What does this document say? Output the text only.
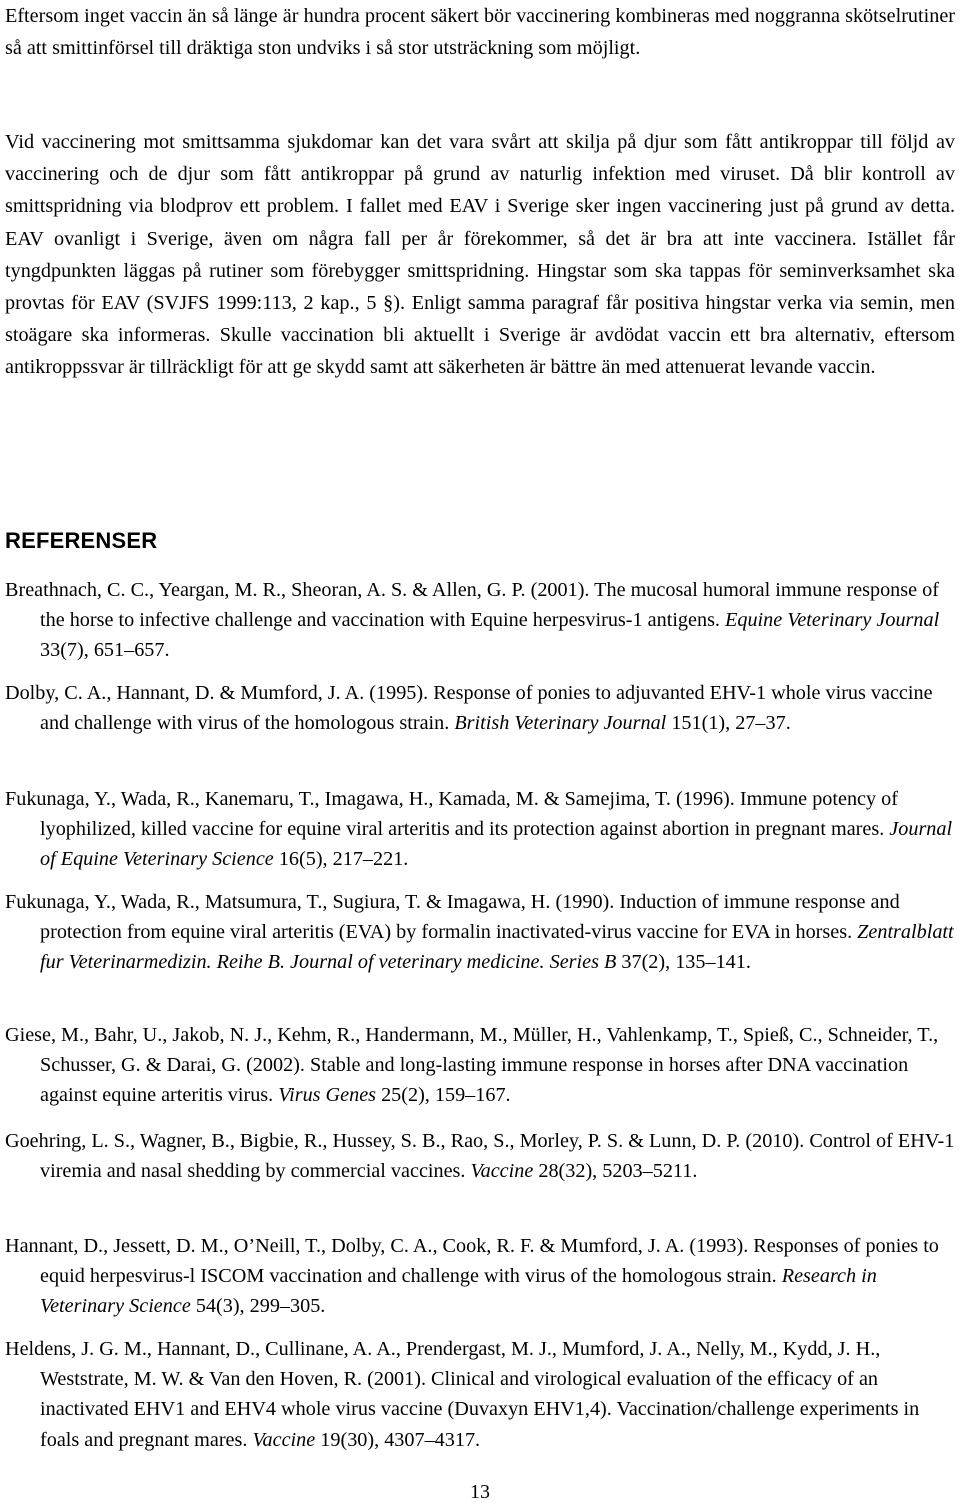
Eftersom inget vaccin än så länge är hundra procent säkert bör vaccinering kombineras med noggranna skötselrutiner så att smittinförsel till dräktiga ston undviks i så stor utsträckning som möjligt.

Vid vaccinering mot smittsamma sjukdomar kan det vara svårt att skilja på djur som fått antikroppar till följd av vaccinering och de djur som fått antikroppar på grund av naturlig infektion med viruset. Då blir kontroll av smittspridning via blodprov ett problem. I fallet med EAV i Sverige sker ingen vaccinering just på grund av detta. EAV ovanligt i Sverige, även om några fall per år förekommer, så det är bra att inte vaccinera. Istället får tyngdpunkten läggas på rutiner som förebygger smittspridning. Hingstar som ska tappas för seminverksamhet ska provtas för EAV (SVJFS 1999:113, 2 kap., 5 §). Enligt samma paragraf får positiva hingstar verka via semin, men stoägare ska informeras. Skulle vaccination bli aktuellt i Sverige är avdödat vaccin ett bra alternativ, eftersom antikroppssvar är tillräckligt för att ge skydd samt att säkerheten är bättre än med attenuerat levande vaccin.

REFERENSER

Breathnach, C. C., Yeargan, M. R., Sheoran, A. S. & Allen, G. P. (2001). The mucosal humoral immune response of the horse to infective challenge and vaccination with Equine herpesvirus-1 antigens. Equine Veterinary Journal 33(7), 651–657.

Dolby, C. A., Hannant, D. & Mumford, J. A. (1995). Response of ponies to adjuvanted EHV-1 whole virus vaccine and challenge with virus of the homologous strain. British Veterinary Journal 151(1), 27–37.

Fukunaga, Y., Wada, R., Kanemaru, T., Imagawa, H., Kamada, M. & Samejima, T. (1996). Immune potency of lyophilized, killed vaccine for equine viral arteritis and its protection against abortion in pregnant mares. Journal of Equine Veterinary Science 16(5), 217–221.

Fukunaga, Y., Wada, R., Matsumura, T., Sugiura, T. & Imagawa, H. (1990). Induction of immune response and protection from equine viral arteritis (EVA) by formalin inactivated-virus vaccine for EVA in horses. Zentralblatt fur Veterinarmedizin. Reihe B. Journal of veterinary medicine. Series B 37(2), 135–141.

Giese, M., Bahr, U., Jakob, N. J., Kehm, R., Handermann, M., Müller, H., Vahlenkamp, T., Spieß, C., Schneider, T., Schusser, G. & Darai, G. (2002). Stable and long-lasting immune response in horses after DNA vaccination against equine arteritis virus. Virus Genes 25(2), 159–167.

Goehring, L. S., Wagner, B., Bigbie, R., Hussey, S. B., Rao, S., Morley, P. S. & Lunn, D. P. (2010). Control of EHV-1 viremia and nasal shedding by commercial vaccines. Vaccine 28(32), 5203–5211.

Hannant, D., Jessett, D. M., O’Neill, T., Dolby, C. A., Cook, R. F. & Mumford, J. A. (1993). Responses of ponies to equid herpesvirus-l ISCOM vaccination and challenge with virus of the homologous strain. Research in Veterinary Science 54(3), 299–305.

Heldens, J. G. M., Hannant, D., Cullinane, A. A., Prendergast, M. J., Mumford, J. A., Nelly, M., Kydd, J. H., Weststrate, M. W. & Van den Hoven, R. (2001). Clinical and virological evaluation of the efficacy of an inactivated EHV1 and EHV4 whole virus vaccine (Duvaxyn EHV1,4). Vaccination/challenge experiments in foals and pregnant mares. Vaccine 19(30), 4307–4317.

13
